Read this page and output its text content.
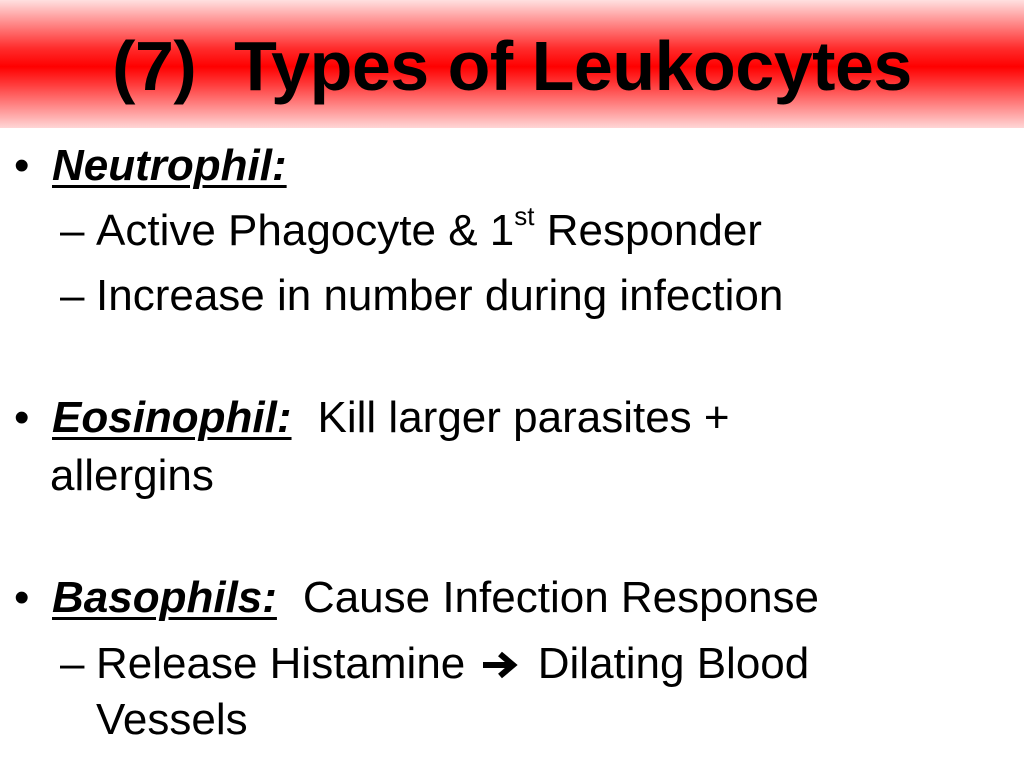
(7)  Types of Leukocytes
• Neutrophil:
– Active Phagocyte & 1st Responder
– Increase in number during infection
• Eosinophil: Kill larger parasites +
allergins
• Basophils: Cause Infection Response
– Release Histamine Dilating Blood
Vessels
